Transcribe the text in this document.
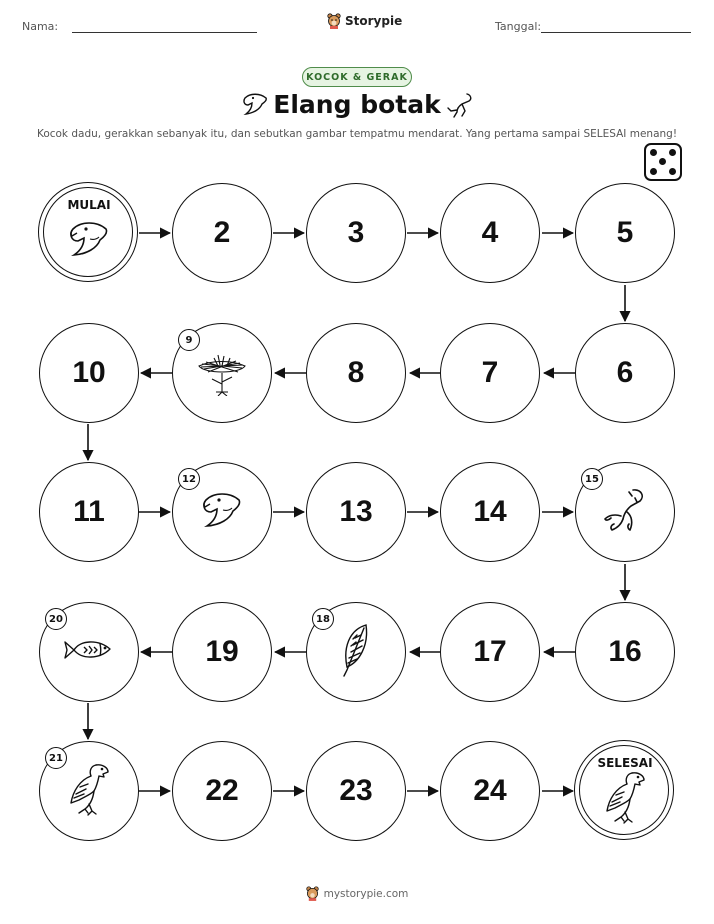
Nama:	Storypie	Tanggal:
KOCOK & GERAK
Elang botak
Kocok dadu, gerakkan sebanyak itu, dan sebutkan gambar tempatmu mendarat. Yang pertama sampai SELESAI menang!
MULAI
2	3	4	5
6
7
8
9
10
11
12
13	14
15
16
17
18
19
20
21
22	23	24
SELESAI
mystorypie.com
